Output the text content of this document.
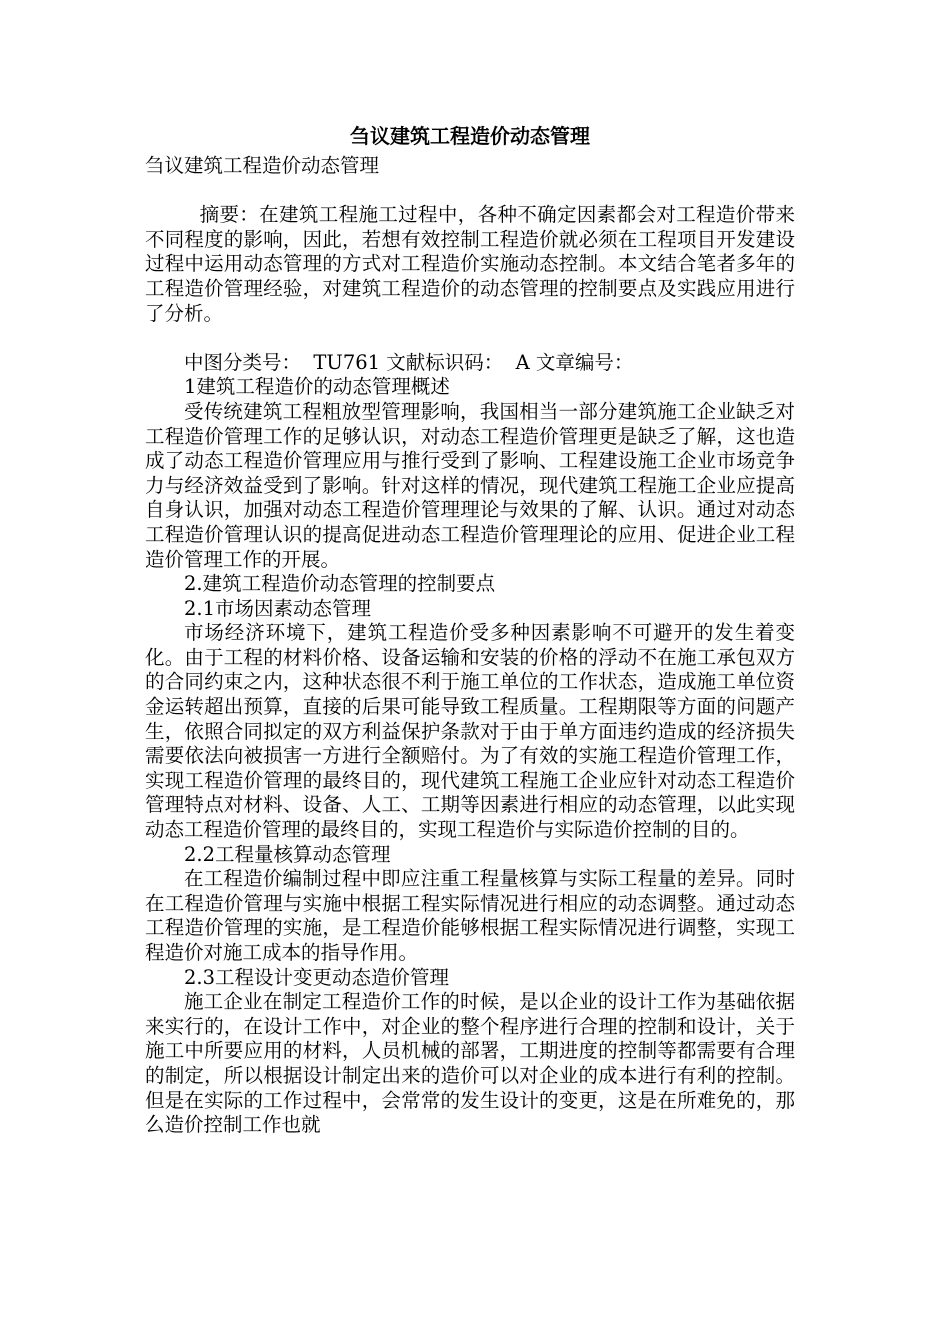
刍议建筑工程造价动态管理

刍议建筑工程造价动态管理

摘要：在建筑工程施工过程中，各种不确定因素都会对工程造价带来不同程度的影响，因此，若想有效控制工程造价就必须在工程项目开发建设过程中运用动态管理的方式对工程造价实施动态控制。本文结合笔者多年的工程造价管理经验，对建筑工程造价的动态管理的控制要点及实践应用进行了分析。

中图分类号：  TU761 文献标识码：  A 文章编号：
1建筑工程造价的动态管理概述

受传统建筑工程粗放型管理影响，我国相当一部分建筑施工企业缺乏对工程造价管理工作的足够认识，对动态工程造价管理更是缺乏了解，这也造成了动态工程造价管理应用与推行受到了影响、工程建设施工企业市场竞争力与经济效益受到了影响。针对这样的情况，现代建筑工程施工企业应提高自身认识，加强对动态工程造价管理理论与效果的了解、认识。通过对动态工程造价管理认识的提高促进动态工程造价管理理论的应用、促进企业工程造价管理工作的开展。

2.建筑工程造价动态管理的控制要点
2.1市场因素动态管理

市场经济环境下，建筑工程造价受多种因素影响不可避开的发生着变化。由于工程的材料价格、设备运输和安装的价格的浮动不在施工承包双方的合同约束之内，这种状态很不利于施工单位的工作状态，造成施工单位资金运转超出预算，直接的后果可能导致工程质量。工程期限等方面的问题产生，依照合同拟定的双方利益保护条款对于由于单方面违约造成的经济损失需要依法向被损害一方进行全额赔付。为了有效的实施工程造价管理工作，实现工程造价管理的最终目的，现代建筑工程施工企业应针对动态工程造价管理特点对材料、设备、人工、工期等因素进行相应的动态管理，以此实现动态工程造价管理的最终目的，实现工程造价与实际造价控制的目的。

2.2工程量核算动态管理

在工程造价编制过程中即应注重工程量核算与实际工程量的差异。同时在工程造价管理与实施中根据工程实际情况进行相应的动态调整。通过动态工程造价管理的实施，是工程造价能够根据工程实际情况进行调整，实现工程造价对施工成本的指导作用。

2.3工程设计变更动态造价管理

施工企业在制定工程造价工作的时候，是以企业的设计工作为基础依据来实行的，在设计工作中，对企业的整个程序进行合理的控制和设计，关于施工中所要应用的材料，人员机械的部署，工期进度的控制等都需要有合理的制定，所以根据设计制定出来的造价可以对企业的成本进行有利的控制。但是在实际的工作过程中，会常常的发生设计的变更，这是在所难免的，那么造价控制工作也就
